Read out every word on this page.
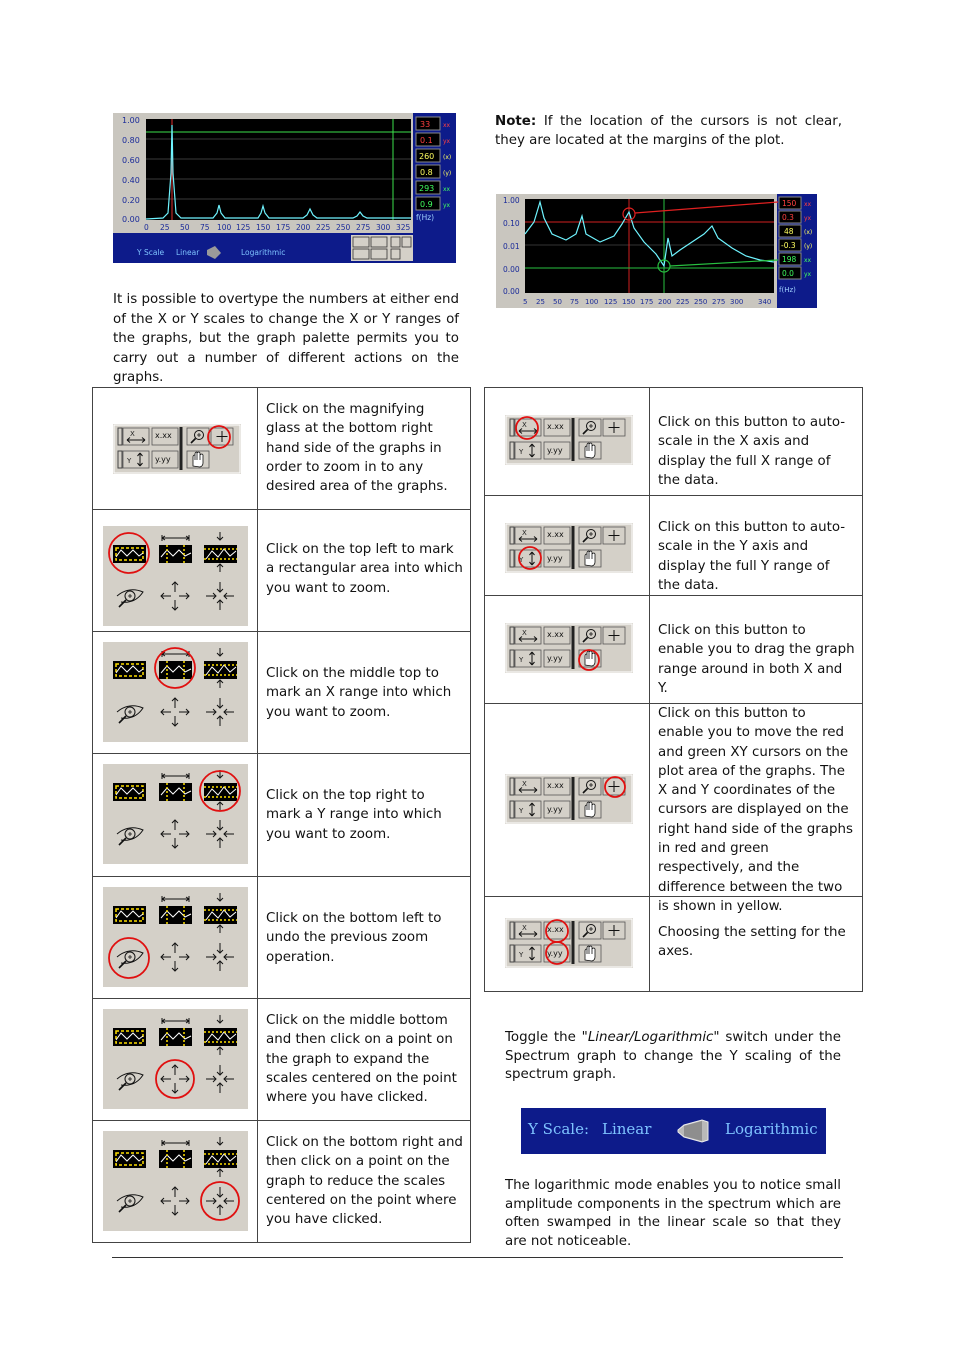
1.00
0.80
0.60
0.40
0.20
0.00
0 25 50 75 100 125 150 175 200 225 250 275 300 325
33 xx
0.1 yx
260 (x)
0.8 (y)
293 xx
0.9 yx
f(Hz)
Y Scale Linear	Logarithmic
Note: If the location of the cursors is not clear, they are located at the margins of the plot.
1.00
0.10
0.01
0.00
0.00
5 25 50 75 100 125 150 175 200 225 250 275 300 340
150 xx
0.3 yx
48 (x)
-0.3 (y)
198 xx
0.0 yx
f(Hz)

It is possible to overtype the numbers at either end of the X or Y scales to change the X or Y ranges of the graphs, but the graph palette permits you to carry out a number of different actions on the graphs.

Click on the magnifying glass at the bottom right hand side of the graphs in order to zoom in to any desired area of the graphs.

Click on the top left to mark a rectangular area into which you want to zoom.

Click on the middle top to mark an X range into which you want to zoom.

Click on the top right to mark a Y range into which you want to zoom.

Click on the bottom left to undo the previous zoom operation.

Click on the middle bottom and then click on a point on the graph to expand the scales centered on the point where you have clicked.

Click on the bottom right and then click on a point on the graph to reduce the scales centered on the point where you have clicked.

Click on this button to auto-scale in the X axis and display the full X range of the data.

Click on this button to auto-scale in the Y axis and display the full Y range of the data.

Click on this button to enable you to drag the graph range around in both X and Y.

Click on this button to enable you to move the red and green XY cursors on the plot area of the graphs. The X and Y coordinates of the cursors are displayed on the right hand side of the graphs in red and green respectively, and the difference between the two is shown in yellow.

Choosing the setting for the axes.

Toggle the "Linear/Logarithmic" switch under the Spectrum graph to change the Y scaling of the spectrum graph.

Y Scale: Linear	Logarithmic

The logarithmic mode enables you to notice small amplitude components in the spectrum which are often swamped in the linear scale so that they are not noticeable.
